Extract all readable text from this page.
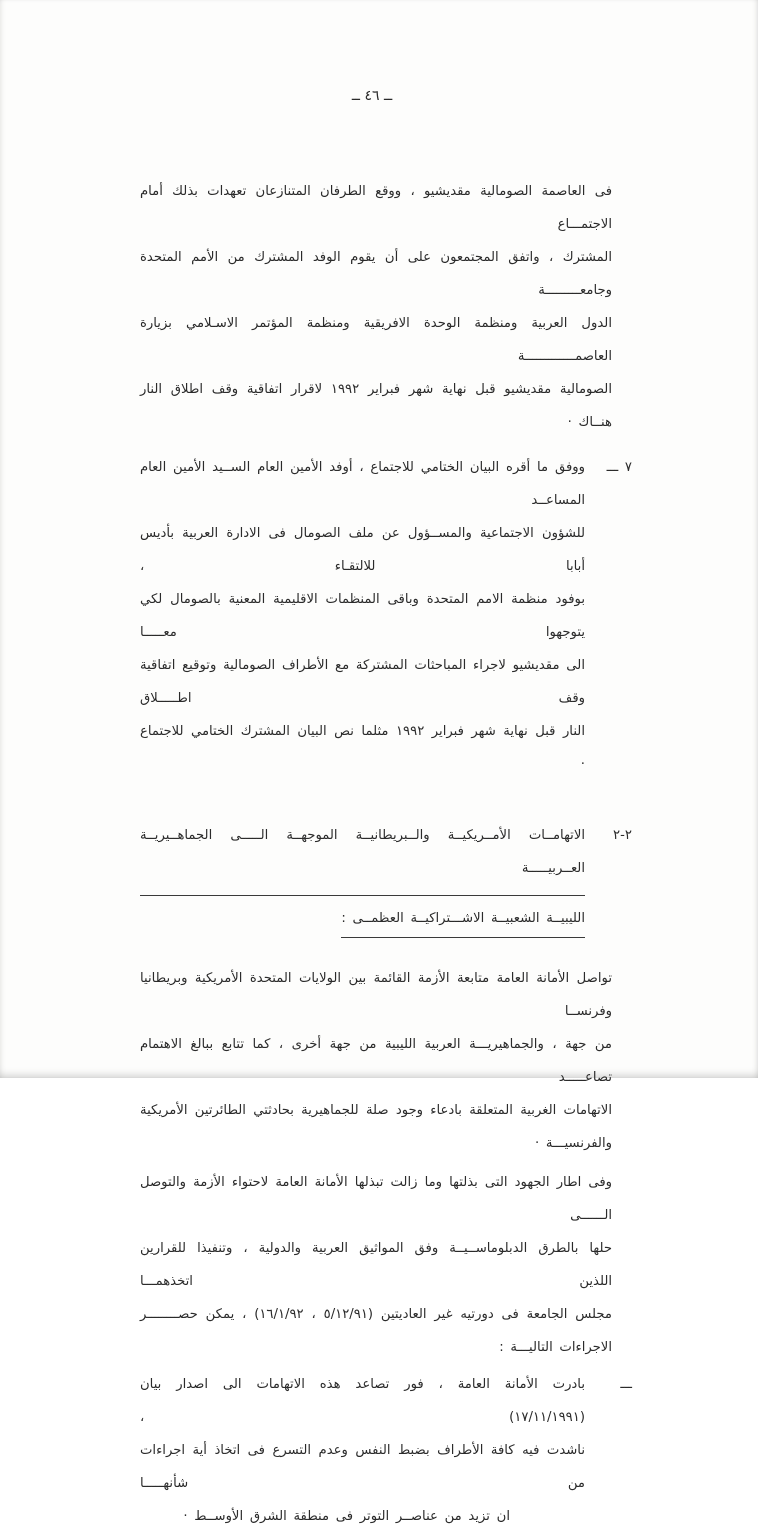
ــ ٤٦ ــ
فى العاصمة الصومالية مقديشيو ، ووقع الطرفان المتنازعان تعهدات بذلك أمام الاجتمـــاع
المشترك ، واتفق المجتمعون على أن يقوم الوفد المشترك من الأمم المتحدة وجامعـــــــــة
الدول العربية ومنظمة الوحدة الافريقية ومنظمة المؤتمر الاسـلامي بزيارة العاصمـــــــــــــة
الصومالية مقديشيو قبل نهاية شهر فبراير ١٩٩٢ لاقرار اتفاقية وقف اطلاق النار هنــاك ·
٧ ـــ
ووفق ما أقره البيان الختامي للاجتماع ، أوفد الأمين العام الســيد الأمين العام المساعــد
للشؤون الاجتماعية والمســؤول عن ملف الصومال فى الادارة العربية بأديس أبابا للالتقـاء ،
بوفود منظمة الامم المتحدة وباقى المنظمات الاقليمية المعنية بالصومال لكي يتوجهوا معـــــا
الى مقديشيو لاجراء المباحثات المشتركة مع الأطراف الصومالية وتوقيع اتفاقية وقف اطـــــلاق
النار قبل نهاية شهر فبراير ١٩٩٢ مثلما نص البيان المشترك الختامي للاجتماع ·
٢-٢
الاتهامــات الأمــريكيــة والــبريطانيــة الموجهــة الـــــى الجماهــيريــة العــربيـــــة
الليبيــة الشعبيــة الاشـــتراكيــة العظمــى :
تواصل الأمانة العامة متابعة الأزمة القائمة بين الولايات المتحدة الأمريكية وبريطانيا وفرنســا
من جهة ، والجماهيريـــة العربية الليبية من جهة أخرى ، كما تتابع ببالغ الاهتمام تصاعـــــد
الاتهامات الغربية المتعلقة بادعاء وجود صلة للجماهيرية بحادثتي الطائرتين الأمريكية والفرنسيـــة ·
وفى اطار الجهود التى بذلتها وما زالت تبذلها الأمانة العامة لاحتواء الأزمة والتوصل الــــــى
حلها بالطرق الدبلوماســيــة وفق المواثيق العربية والدولية ، وتنفيذا للقرارين اللذين اتخذهمـــا
مجلس الجامعة فى دورتيه غير العاديتين (٥/١٢/٩١ ، ١٦/١/٩٢) ، يمكن حصــــــــر
الاجراءات التاليـــة :
ـــ
بادرت الأمانة العامة ، فور تصاعد هذه الاتهامات الى اصدار بيان (١٧/١١/١٩٩١) ،
ناشدت فيه كافة الأطراف بضبط النفس وعدم التسرع فى اتخاذ أية اجراءات من شأنهـــــا
ان تزيد من عناصــر التوتر فى منطقة الشرق الأوســط ·
